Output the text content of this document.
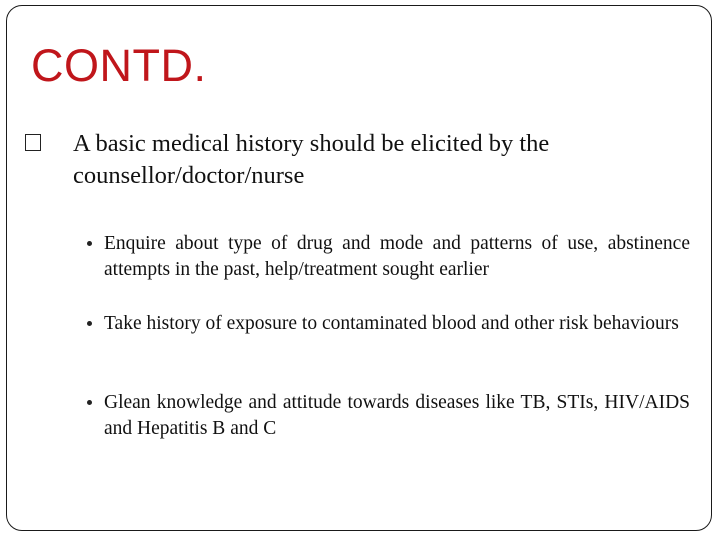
CONTD.
A basic medical history should be elicited by the counsellor/doctor/nurse
Enquire about type of drug and mode and patterns of use, abstinence attempts in the past, help/treatment sought earlier
Take history of exposure to contaminated blood and other risk behaviours
Glean knowledge and attitude towards diseases like TB, STIs, HIV/AIDS and Hepatitis B and C
